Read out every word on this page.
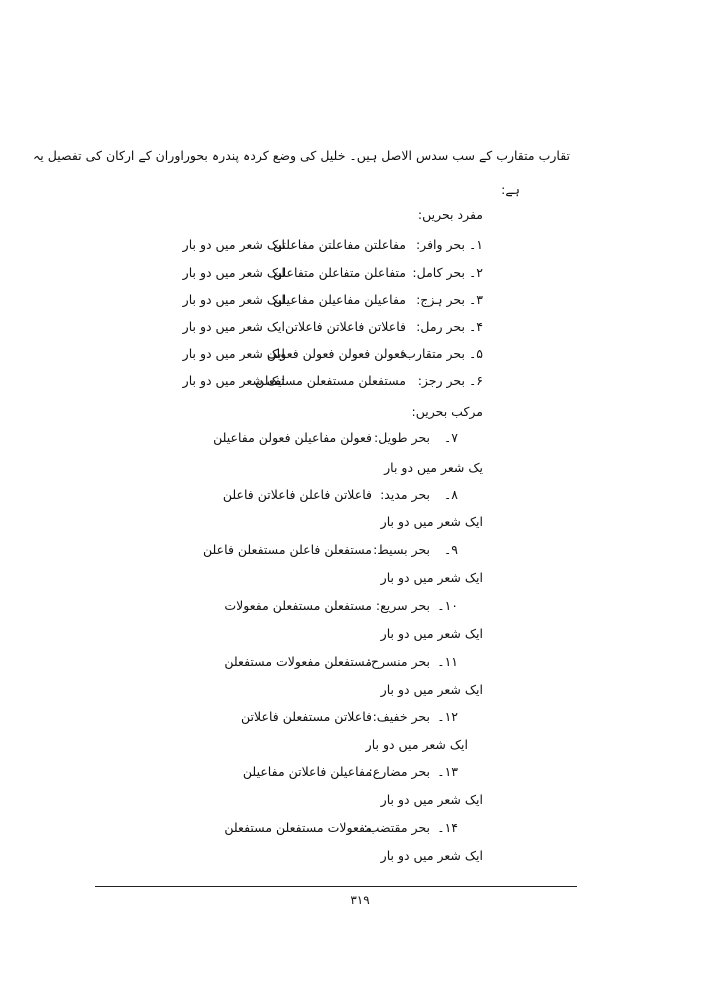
تقارب متقارب کے سب سدس الاصل ہیں۔ خلیل کی وضع کردہ پندرہ بحوراوران کے ارکان کی تفصیل یہ
ہے:
مفرد بحریں:
۱۔ بحر وافر:
مفاعلتن مفاعلتن مفاعلتن
ایک شعر میں دو بار
۲۔ بحر کامل:
متفاعلن متفاعلن متفاعلن
ایک شعر میں دو بار
۳۔ بحر ہزج:
مفاعیلن مفاعیلن مفاعیلن
ایک شعر میں دو بار
۴۔ بحر رمل:
فاعلاتن فاعلاتن فاعلاتن
ایک شعر میں دو بار
۵۔ بحر متقارب:
فعولن فعولن فعولن فعولن
ایک شعر میں دو بار
۶۔ بحر رجز:
مستفعلن مستفعلن مستفعلن
ایک شعر میں دو بار
مرکب بحریں:
۷۔
بحر طویل:
فعولن مفاعیلن فعولن مفاعیلن
یک شعر میں دو بار
۸۔
بحر مدید:
فاعلاتن فاعلن فاعلاتن فاعلن
ایک شعر میں دو بار
۹۔
بحر بسیط:
مستفعلن فاعلن مستفعلن فاعلن
ایک شعر میں دو بار
۱۰۔
بحر سریع:
مستفعلن مستفعلن مفعولات
ایک شعر میں دو بار
۱۱۔
بحر منسرح:
مستفعلن مفعولات مستفعلن
ایک شعر میں دو بار
۱۲۔
بحر خفیف:
فاعلاتن مستفعلن فاعلاتن
ایک شعر میں دو بار
۱۳۔
بحر مضارع:
مفاعیلن فاعلاتن مفاعیلن
ایک شعر میں دو بار
۱۴۔
بحر مقتضب:
مفعولات مستفعلن مستفعلن
ایک شعر میں دو بار
۳۱۹
